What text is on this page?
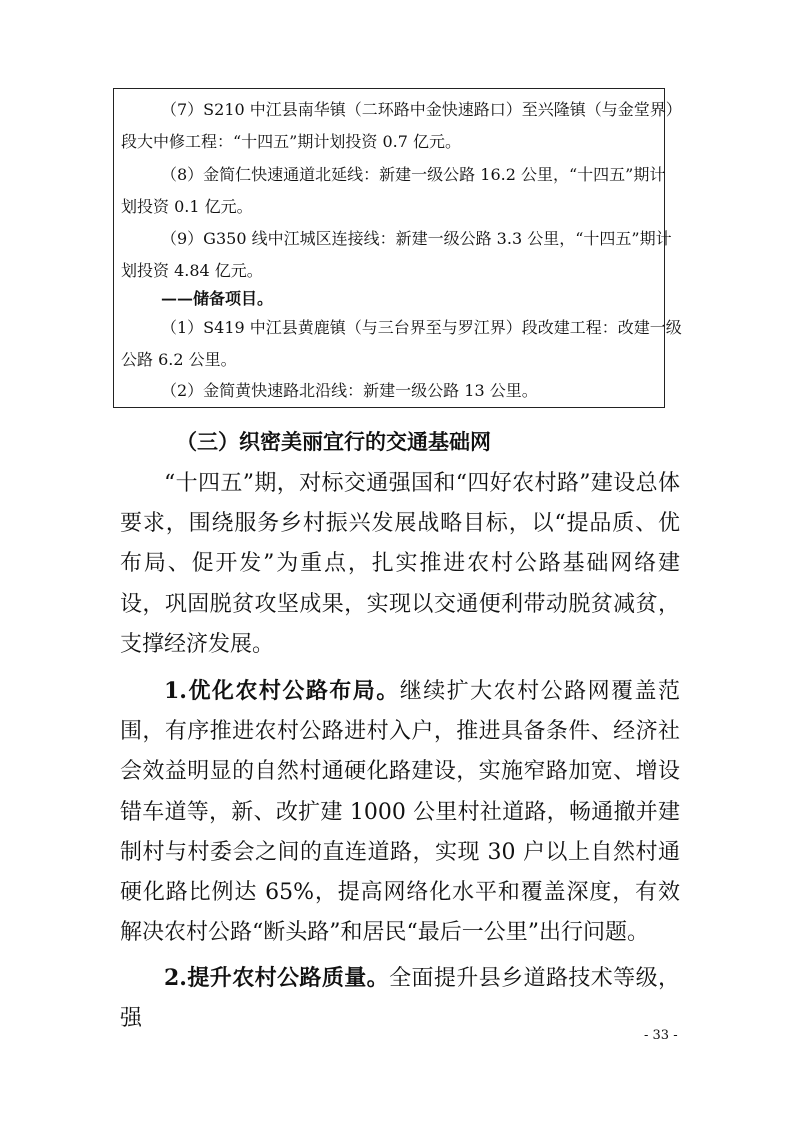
（7）S210 中江县南华镇（二环路中金快速路口）至兴隆镇（与金堂界）
段大中修工程：“十四五”期计划投资 0.7 亿元。
（8）金简仁快速通道北延线：新建一级公路 16.2 公里，“十四五”期计
划投资 0.1 亿元。
（9）G350 线中江城区连接线：新建一级公路 3.3 公里，“十四五”期计
划投资 4.84 亿元。
——储备项目。
（1）S419 中江县黄鹿镇（与三台界至与罗江界）段改建工程：改建一级
公路 6.2 公里。
（2）金简黄快速路北沿线：新建一级公路 13 公里。
（三）织密美丽宜行的交通基础网

“十四五”期，对标交通强国和“四好农村路”建设总体要求，围绕服务乡村振兴发展战略目标，以“提品质、优布局、促开发”为重点，扎实推进农村公路基础网络建设，巩固脱贫攻坚成果，实现以交通便利带动脱贫减贫，支撑经济发展。

1.优化农村公路布局。继续扩大农村公路网覆盖范围，有序推进农村公路进村入户，推进具备条件、经济社会效益明显的自然村通硬化路建设，实施窄路加宽、增设错车道等，新、改扩建 1000 公里村社道路，畅通撤并建制村与村委会之间的直连道路，实现 30 户以上自然村通硬化路比例达 65%，提高网络化水平和覆盖深度，有效解决农村公路“断头路”和居民“最后一公里”出行问题。

2.提升农村公路质量。全面提升县乡道路技术等级，强

- 33 -
